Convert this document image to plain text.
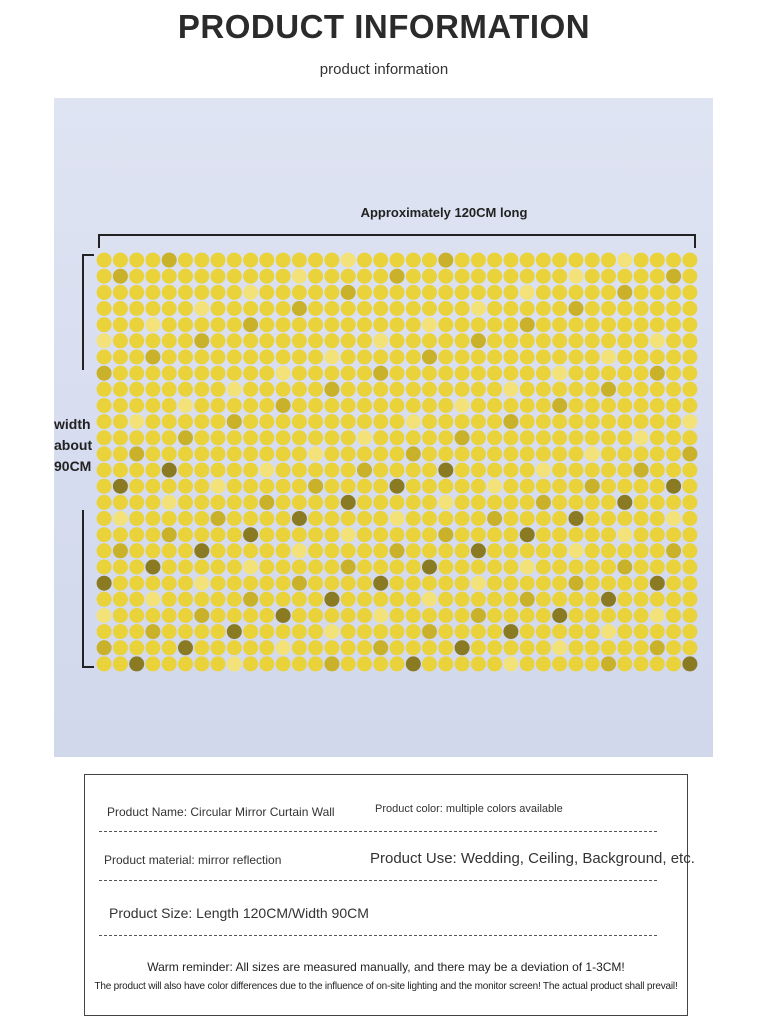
PRODUCT INFORMATION
product information
Approximately 120CM long
width
about
90CM
Product Name: Circular Mirror Curtain Wall	Product color: multiple colors available
Product material: mirror reflection	Product Use: Wedding, Ceiling, Background, etc.
Product Size: Length 120CM/Width 90CM
Warm reminder: All sizes are measured manually, and there may be a deviation of 1-3CM!
The product will also have color differences due to the influence of on-site lighting and the monitor screen! The actual product shall prevail!
